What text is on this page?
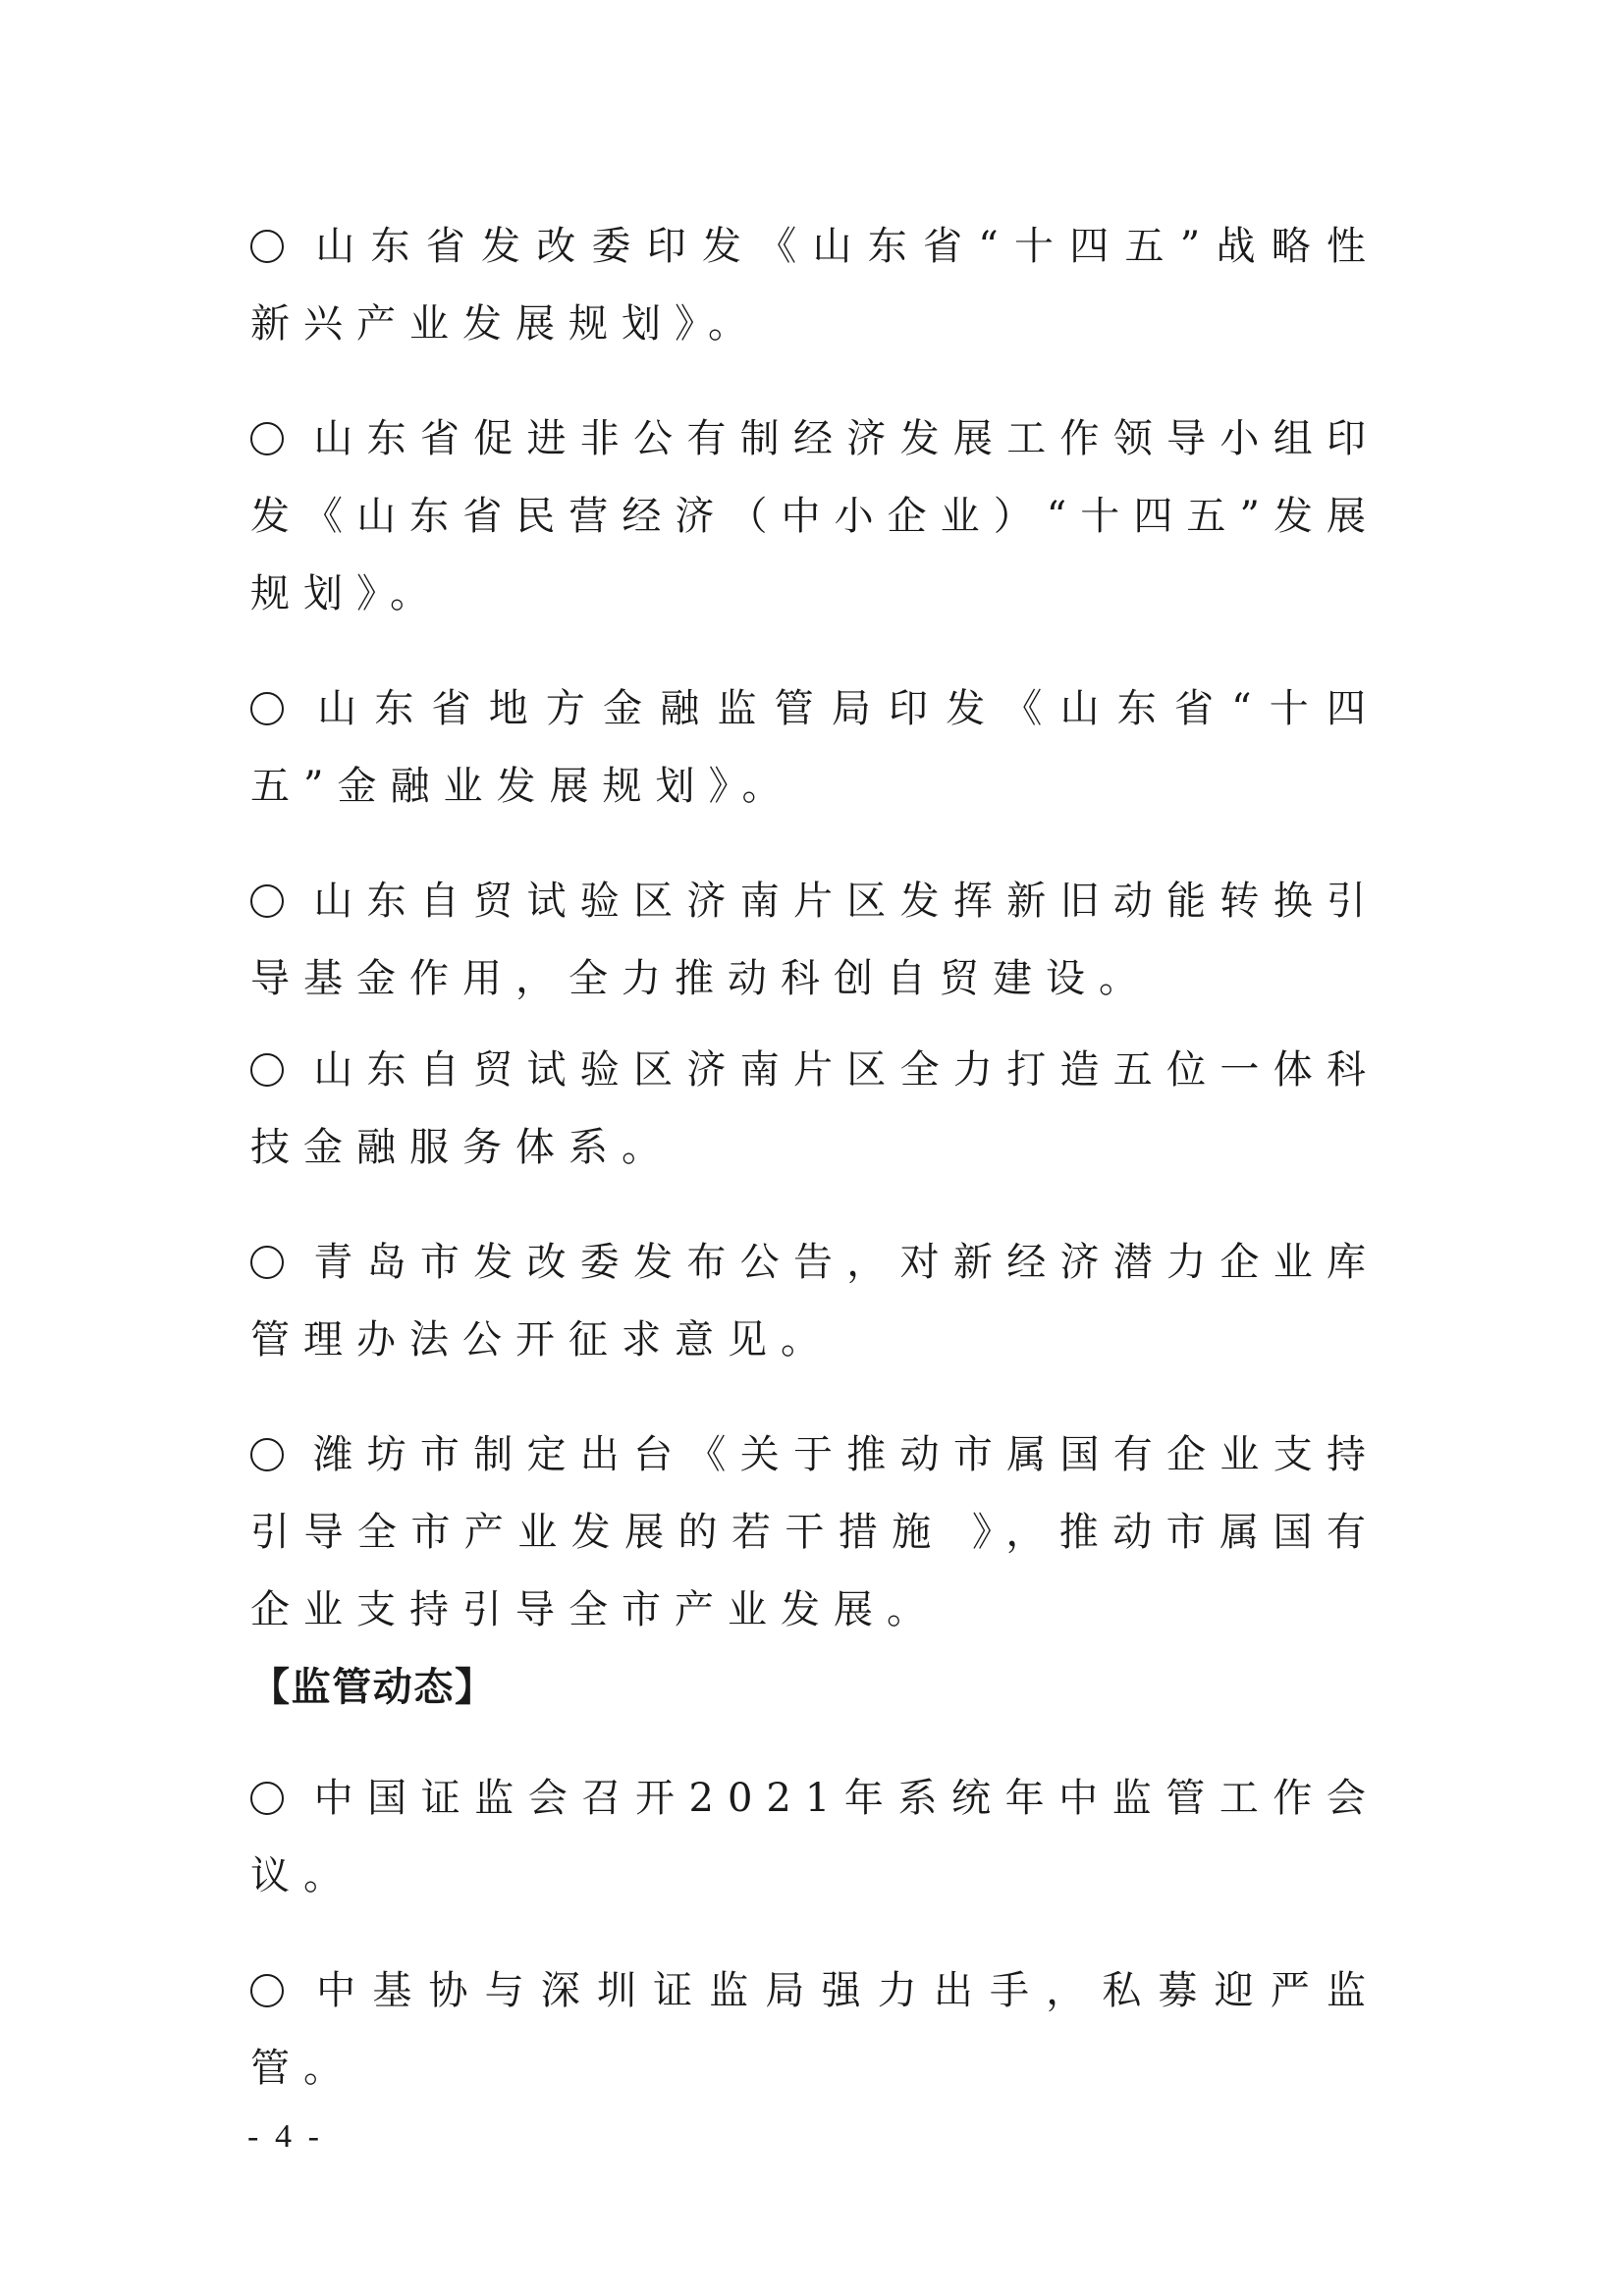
山东省发改委印发《山东省“十四五”战略性新兴产业发展规划》。

山东省促进非公有制经济发展工作领导小组印发《山东省民营经济（中小企业）“十四五”发展规划》。

山东省地方金融监管局印发《山东省“十四五”金融业发展规划》。

山东自贸试验区济南片区发挥新旧动能转换引导基金作用，全力推动科创自贸建设。

山东自贸试验区济南片区全力打造五位一体科技金融服务体系。

青岛市发改委发布公告，对新经济潜力企业库管理办法公开征求意见。

潍坊市制定出台《关于推动市属国有企业支持引导全市产业发展的若干措施 》，推动市属国有企业支持引导全市产业发展。

【监管动态】

中国证监会召开2021年系统年中监管工作会议。

中基协与深圳证监局强力出手，私募迎严监管。

- 4 -
